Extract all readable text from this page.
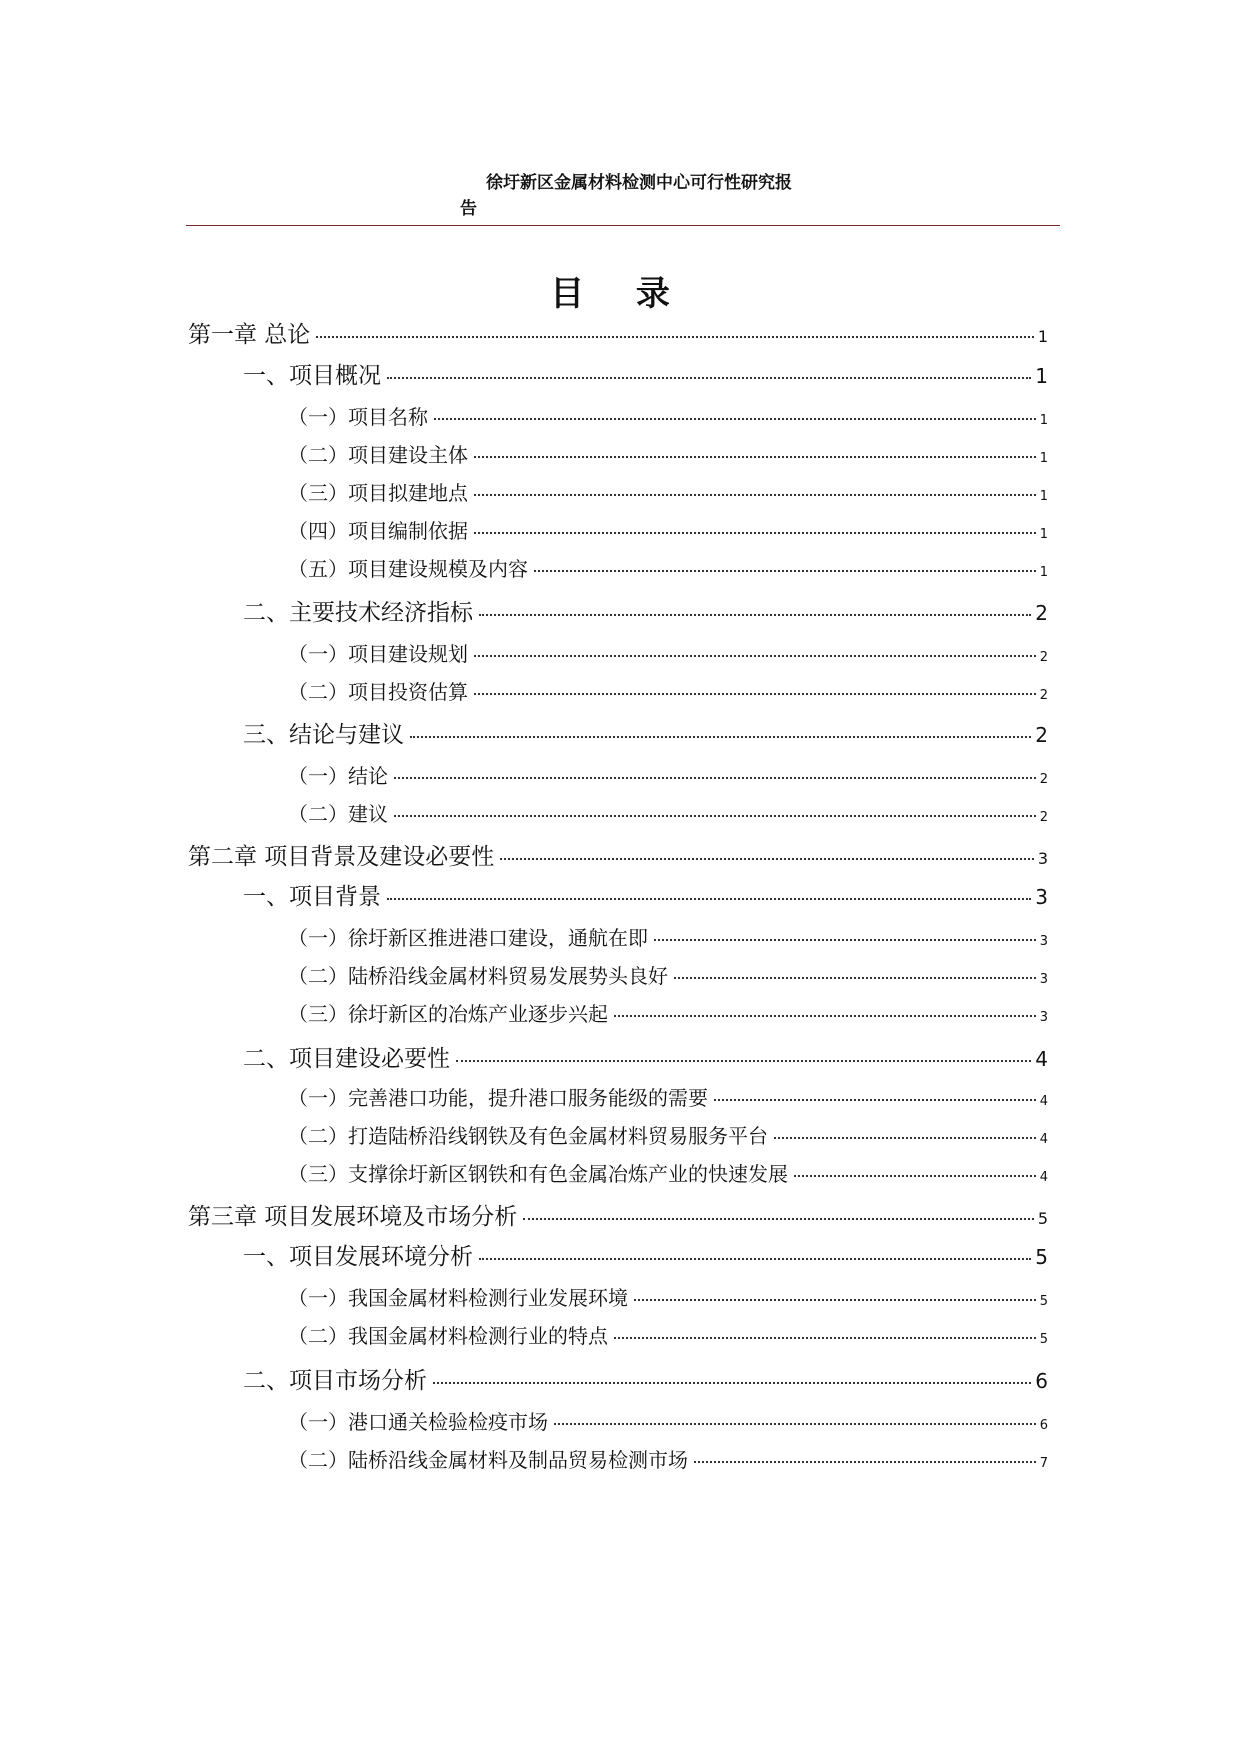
徐圩新区金属材料检测中心可行性研究报
告
目 录
第一章 总论	1
一、项目概况	1
（一）项目名称	1
（二）项目建设主体	1
（三）项目拟建地点	1
（四）项目编制依据	1
（五）项目建设规模及内容	1
二、主要技术经济指标	2
（一）项目建设规划	2
（二）项目投资估算	2
三、结论与建议	2
（一）结论	2
（二）建议	2
第二章 项目背景及建设必要性	3
一、项目背景	3
（一）徐圩新区推进港口建设，通航在即	3
（二）陆桥沿线金属材料贸易发展势头良好	3
（三）徐圩新区的冶炼产业逐步兴起	3
二、项目建设必要性	4
（一）完善港口功能，提升港口服务能级的需要	4
（二）打造陆桥沿线钢铁及有色金属材料贸易服务平台	4
（三）支撑徐圩新区钢铁和有色金属冶炼产业的快速发展	4
第三章 项目发展环境及市场分析	5
一、项目发展环境分析	5
（一）我国金属材料检测行业发展环境	5
（二）我国金属材料检测行业的特点	5
二、项目市场分析	6
（一）港口通关检验检疫市场	6
（二）陆桥沿线金属材料及制品贸易检测市场	7
